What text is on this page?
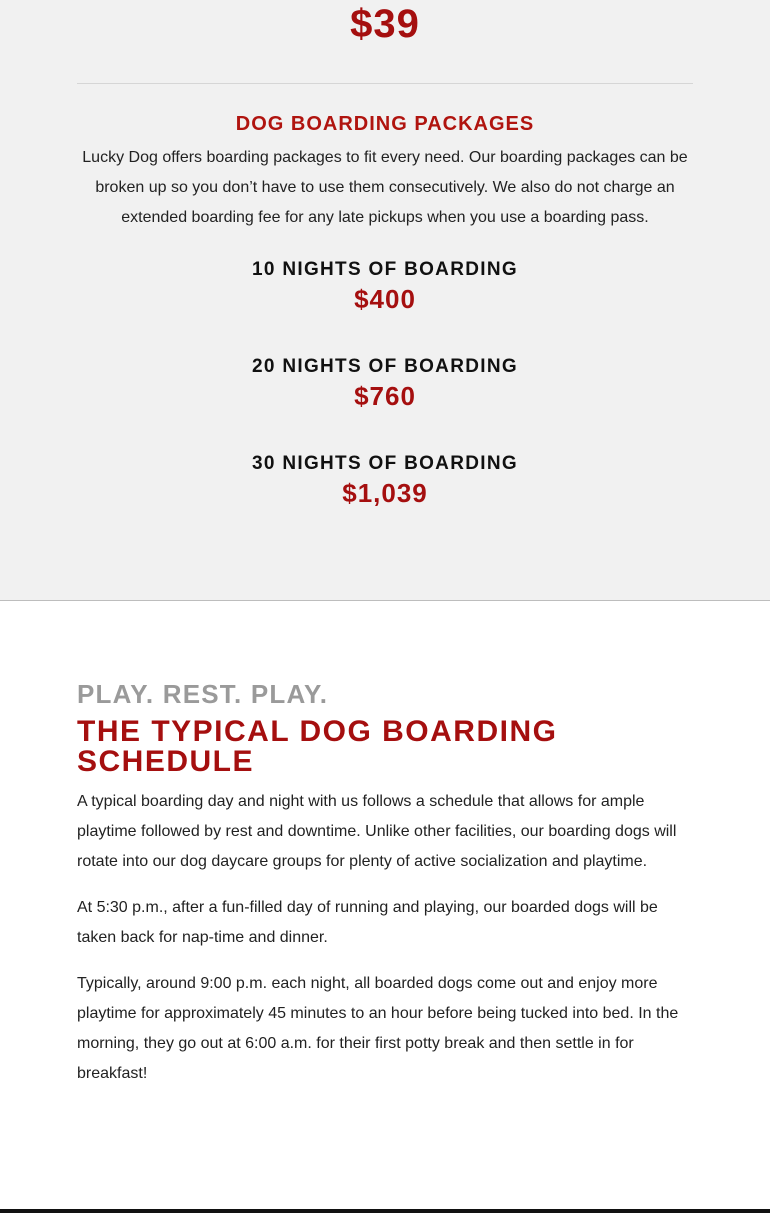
$39
DOG BOARDING PACKAGES

Lucky Dog offers boarding packages to fit every need. Our boarding packages can be broken up so you don’t have to use them consecutively. We also do not charge an extended boarding fee for any late pickups when you use a boarding pass.

10 NIGHTS OF BOARDING
$400
20 NIGHTS OF BOARDING
$760
30 NIGHTS OF BOARDING
$1,039
PLAY. REST. PLAY.
THE TYPICAL DOG BOARDING SCHEDULE

A typical boarding day and night with us follows a schedule that allows for ample playtime followed by rest and downtime. Unlike other facilities, our boarding dogs will rotate into our dog daycare groups for plenty of active socialization and playtime.

At 5:30 p.m., after a fun-filled day of running and playing, our boarded dogs will be taken back for nap-time and dinner.

Typically, around 9:00 p.m. each night, all boarded dogs come out and enjoy more playtime for approximately 45 minutes to an hour before being tucked into bed. In the morning, they go out at 6:00 a.m. for their first potty break and then settle in for breakfast!
